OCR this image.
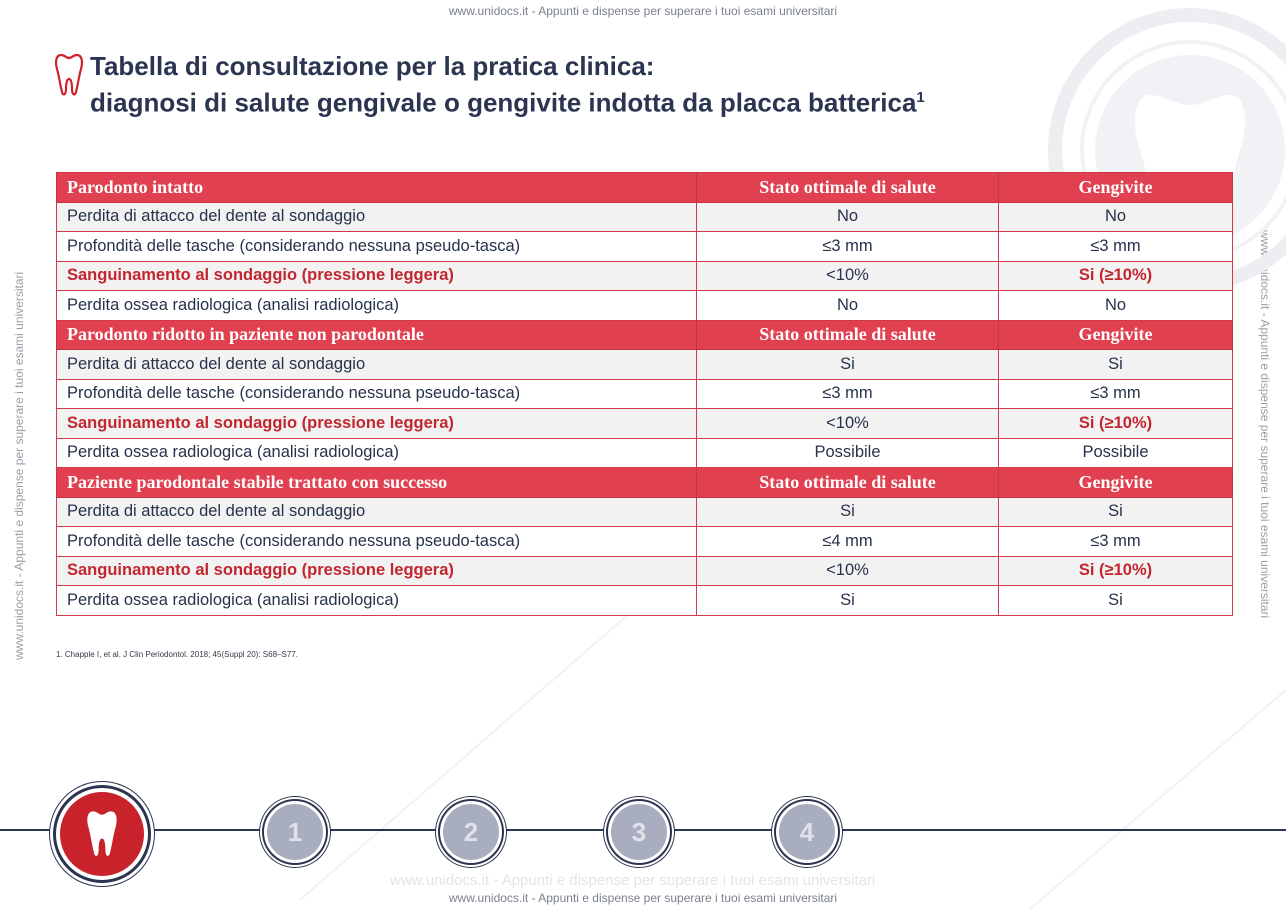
www.unidocs.it - Appunti e dispense per superare i tuoi esami universitari
www.unidocs.it - Appunti e dispense per superare i tuoi esami universitari
www.unidocs.it - Appunti e dispense per superare i tuoi esami universitari
www.unidocs.it - Appunti e dispense per superare i tuoi esami universitari	www.unidocs.it - Appunti e dispense per superare i tuoi esami universitari
Tabella di consultazione per la pratica clinica:
diagnosi di salute gengivale o gengivite indotta da placca batterica$^1$
Parodonto intatto	Stato ottimale di salute	Gengivite
Perdita di attacco del dente al sondaggio	No	No
Profondità delle tasche (considerando nessuna pseudo-tasca)	≤3 mm	≤3 mm
Sanguinamento al sondaggio (pressione leggera)	<10%	Si (≥10%)
Perdita ossea radiologica (analisi radiologica)	No	No
Parodonto ridotto in paziente non parodontale	Stato ottimale di salute	Gengivite
Perdita di attacco del dente al sondaggio	Si	Si
Profondità delle tasche (considerando nessuna pseudo-tasca)	≤3 mm	≤3 mm
Sanguinamento al sondaggio (pressione leggera)	<10%	Si (≥10%)
Perdita ossea radiologica (analisi radiologica)	Possibile	Possibile
Paziente parodontale stabile trattato con successo	Stato ottimale di salute	Gengivite
Perdita di attacco del dente al sondaggio	Si	Si
Profondità delle tasche (considerando nessuna pseudo-tasca)	≤4 mm	≤3 mm
Sanguinamento al sondaggio (pressione leggera)	<10%	Si (≥10%)
Perdita ossea radiologica (analisi radiologica)	Si	Si
1. Chapple I, et al. J Clin Periodontol. 2018; 45(Suppl 20): S68–S77.
1	2	3	4
